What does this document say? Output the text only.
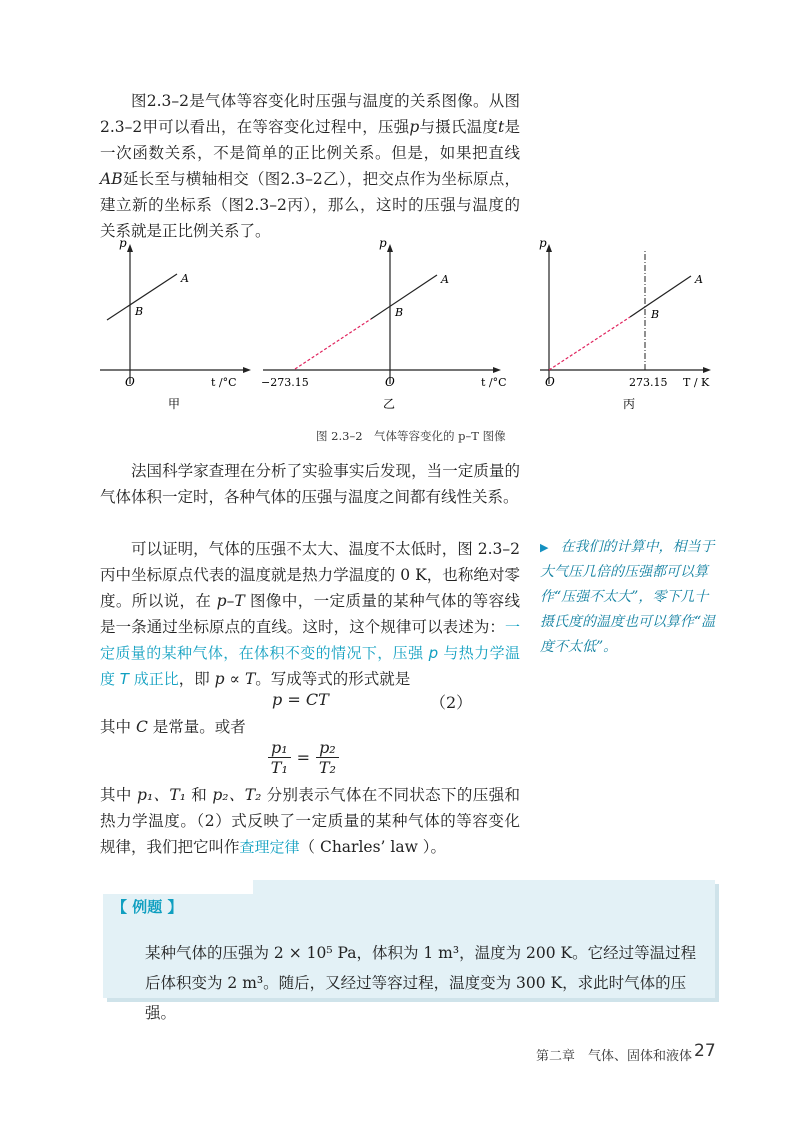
图2.3–2是气体等容变化时压强与温度的关系图像。从图2.3–2甲可以看出，在等容变化过程中，压强p与摄氏温度t是一次函数关系，不是简单的正比例关系。但是，如果把直线AB延长至与横轴相交（图2.3–2乙），把交点作为坐标原点，建立新的坐标系（图2.3–2丙），那么，这时的压强与温度的关系就是正比例关系了。

p
O	t /°C
A
B
甲
p
O	t /°C
−273.15
A
B
乙
p
O	273.15 T / K
A
B
丙
图 2.3–2　气体等容变化的 p–T 图像

法国科学家查理在分析了实验事实后发现，当一定质量的气体体积一定时，各种气体的压强与温度之间都有线性关系。

可以证明，气体的压强不太大、温度不太低时，图 2.3–2丙中坐标原点代表的温度就是热力学温度的 0 K，也称绝对零度。所以说，在 p–T 图像中，一定质量的某种气体的等容线是一条通过坐标原点的直线。这时，这个规律可以表述为：一定质量的某种气体，在体积不变的情况下，压强 p 与热力学温度 T 成正比，即 p ∝ T。写成等式的形式就是

p = CT	（2）
其中 C 是常量。或者
$\frac{\text{p₁}}{\text{T₁}} = \frac{\text{p₂}}{\text{T₂}}$
其中 p₁、T₁ 和 p₂、T₂ 分别表示气体在不同状态下的压强和热力学温度。（2）式反映了一定质量的某种气体的等容变化规律，我们把它叫作查理定律（ Charles’ law ）。
▶ 在我们的计算中，相当于大气压几倍的压强都可以算作“压强不太大”，零下几十摄氏度的温度也可以算作“温度不太低”。
【 例题 】
某种气体的压强为 2 × 10⁵ Pa，体积为 1 m³，温度为 200 K。它经过等温过程后体积变为 2 m³。随后，又经过等容过程，温度变为 300 K，求此时气体的压强。
第二章　气体、固体和液体 27
